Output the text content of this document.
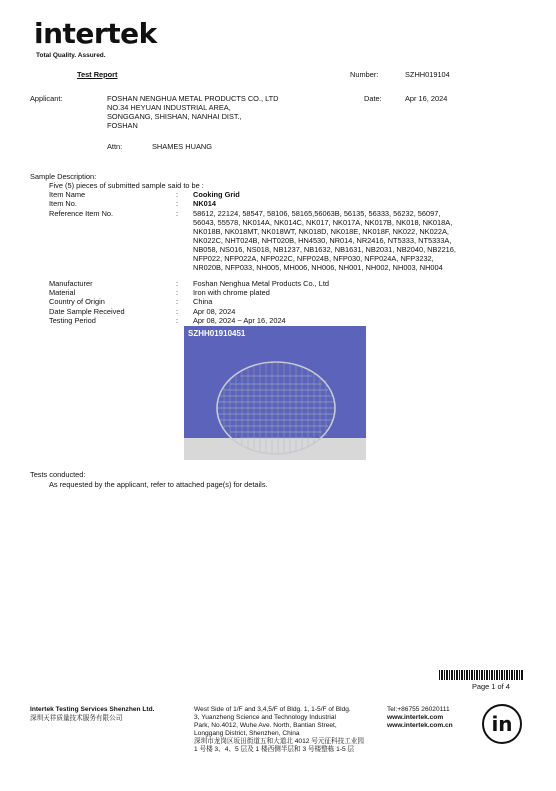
intertek
Total Quality. Assured.
Test Report	Number:	SZHH019104
Applicant:	FOSHAN NENGHUA METAL PRODUCTS CO., LTD
NO.34 HEYUAN INDUSTRIAL AREA,
SONGGANG, SHISHAN, NANHAI DIST.,
FOSHAN
Date:	Apr 16, 2024
Attn:	SHAMES HUANG
Sample Description:
Five (5) pieces of submitted sample said to be :
Item Name	: Cooking Grid
Item No.	: NK014
Reference Item No.	: 58612, 22124, 58547, 58106, 58165,56063B, 56135, 56333, 56232, 56097,
56043, 55578, NK014A, NK014C, NK017, NK017A, NK017B, NK018, NK018A,
NK018B, NK018MT, NK018WT, NK018D, NK018E, NK018F, NK022, NK022A,
NK022C, NHT024B, NHT020B, HN4530, NR014, NR2416, NT5333, NT5333A,
NB058, NS016, NS018, NB1237, NB1632, NB1631, NB2031, NB2040, NB2216,
NFP022, NFP022A, NFP022C, NFP024B, NFP030, NFP024A, NFP3232,
NR020B, NFP033, NH005, MH006, NH006, NH001, NH002, NH003, NH004
Manufacturer	: Foshan Nenghua Metal Products Co., Ltd
Material	: Iron with chrome plated
Country of Origin	: China
Date Sample Received	: Apr 08, 2024
Testing Period	: Apr 08, 2024 ~ Apr 16, 2024
SZHH01910451
Tests conducted:
As requested by the applicant, refer to attached page(s) for details.
Page 1 of 4
Intertek Testing Services Shenzhen Ltd.
深圳天祥质量技术服务有限公司
West Side of 1/F and 3,4,5/F of Bldg. 1, 1-5/F of Bldg.
3, Yuanzheng Science and Technology Industrial
Park, No.4012, Wuhe Ave. North, Bantian Street,
Longgang District, Shenzhen, China
深圳市龙岗区坂田街道五和大道北 4012 号元征科技工业园
1 号楼 3、4、5 层及 1 楼西侧半层和 3 号楼整栋 1-5 层
Tel:+86755 26020111
www.intertek.com
www.intertek.com.cn	in
